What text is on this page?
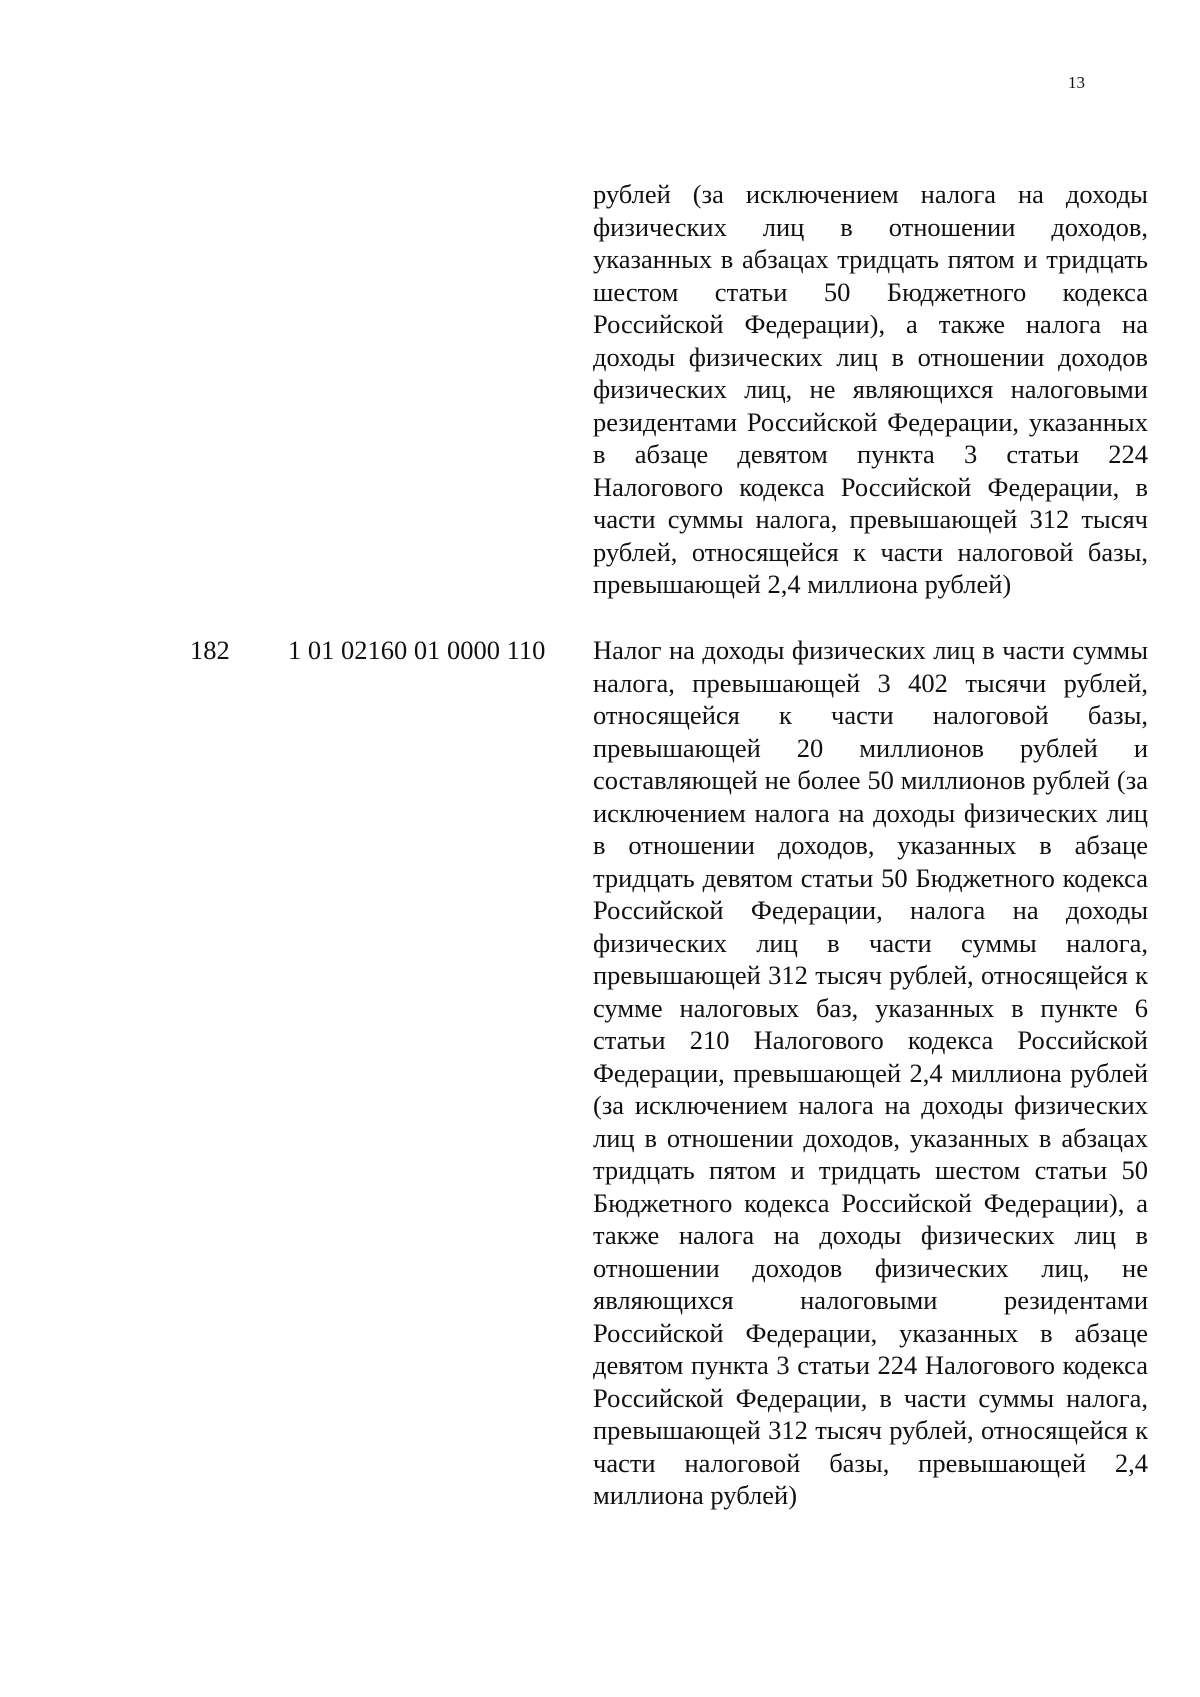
13
рублей (за исключением налога на доходы физических лиц в отношении доходов, указанных в абзацах тридцать пятом и тридцать шестом статьи 50 Бюджетного кодекса Российской Федерации), а также налога на доходы физических лиц в отношении доходов физических лиц, не являющихся налоговыми резидентами Российской Федерации, указанных в абзаце девятом пункта 3 статьи 224 Налогового кодекса Российской Федерации, в части суммы налога, превышающей 312 тысяч рублей, относящейся к части налоговой базы, превышающей 2,4 миллиона рублей)
182 1 01 02160 01 0000 110 Налог на доходы физических лиц в части суммы налога, превышающей 3 402 тысячи рублей, относящейся к части налоговой базы, превышающей 20 миллионов рублей и составляющей не более 50 миллионов рублей (за исключением налога на доходы физических лиц в отношении доходов, указанных в абзаце тридцать девятом статьи 50 Бюджетного кодекса Российской Федерации, налога на доходы физических лиц в части суммы налога, превышающей 312 тысяч рублей, относящейся к сумме налоговых баз, указанных в пункте 6 статьи 210 Налогового кодекса Российской Федерации, превышающей 2,4 миллиона рублей (за исключением налога на доходы физических лиц в отношении доходов, указанных в абзацах тридцать пятом и тридцать шестом статьи 50 Бюджетного кодекса Российской Федерации), а также налога на доходы физических лиц в отношении доходов физических лиц, не являющихся налоговыми резидентами Российской Федерации, указанных в абзаце девятом пункта 3 статьи 224 Налогового кодекса Российской Федерации, в части суммы налога, превышающей 312 тысяч рублей, относящейся к части налоговой базы, превышающей 2,4 миллиона рублей)
